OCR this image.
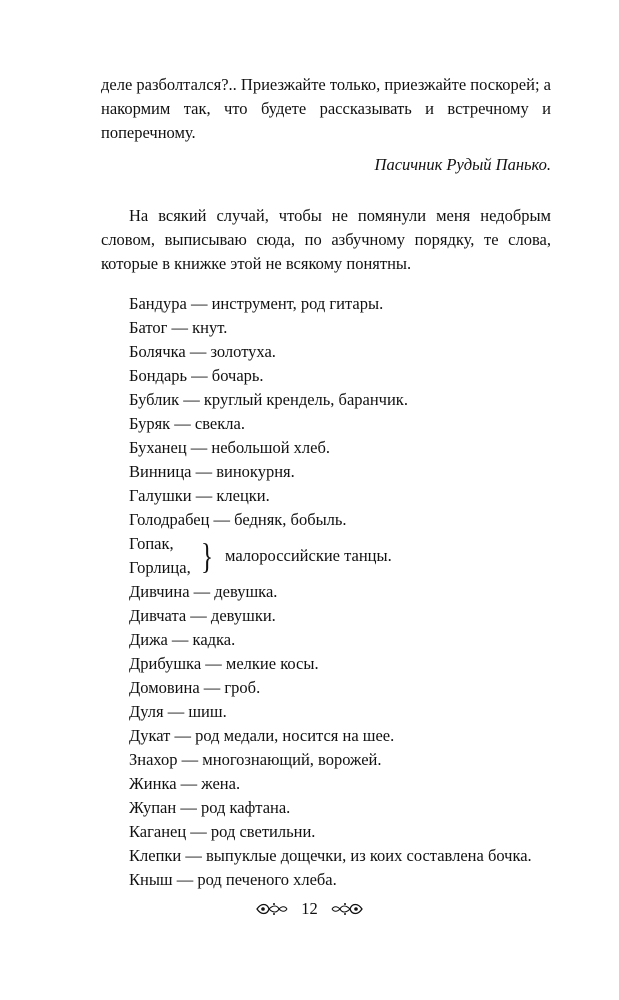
деле разболтался?.. Приезжайте только, приезжайте поскорей; а накормим так, что будете рассказывать и встречному и поперечному.

Пасичник Рудый Панько.

На всякий случай, чтобы не помянули меня недобрым словом, выписываю сюда, по азбучному порядку, те слова, которые в книжке этой не всякому понятны.

Бандура — инструмент, род гитары.
Батог — кнут.
Болячка — золотуха.
Бондарь — бочарь.
Бублик — круглый крендель, баранчик.
Буряк — свекла.
Буханец — небольшой хлеб.
Винница — винокурня.
Галушки — клецки.
Голодрабец — бедняк, бобыль.
Гопак,
Горлица, } малороссийские танцы.
Дивчина — девушка.
Дивчата — девушки.
Дижа — кадка.
Дрибушка — мелкие косы.
Домовина — гроб.
Дуля — шиш.
Дукат — род медали, носится на шее.
Знахор — многознающий, ворожей.
Жинка — жена.
Жупан — род кафтана.
Каганец — род светильни.
Клепки — выпуклые дощечки, из коих составлена бочка.
Кныш — род печеного хлеба.
12
